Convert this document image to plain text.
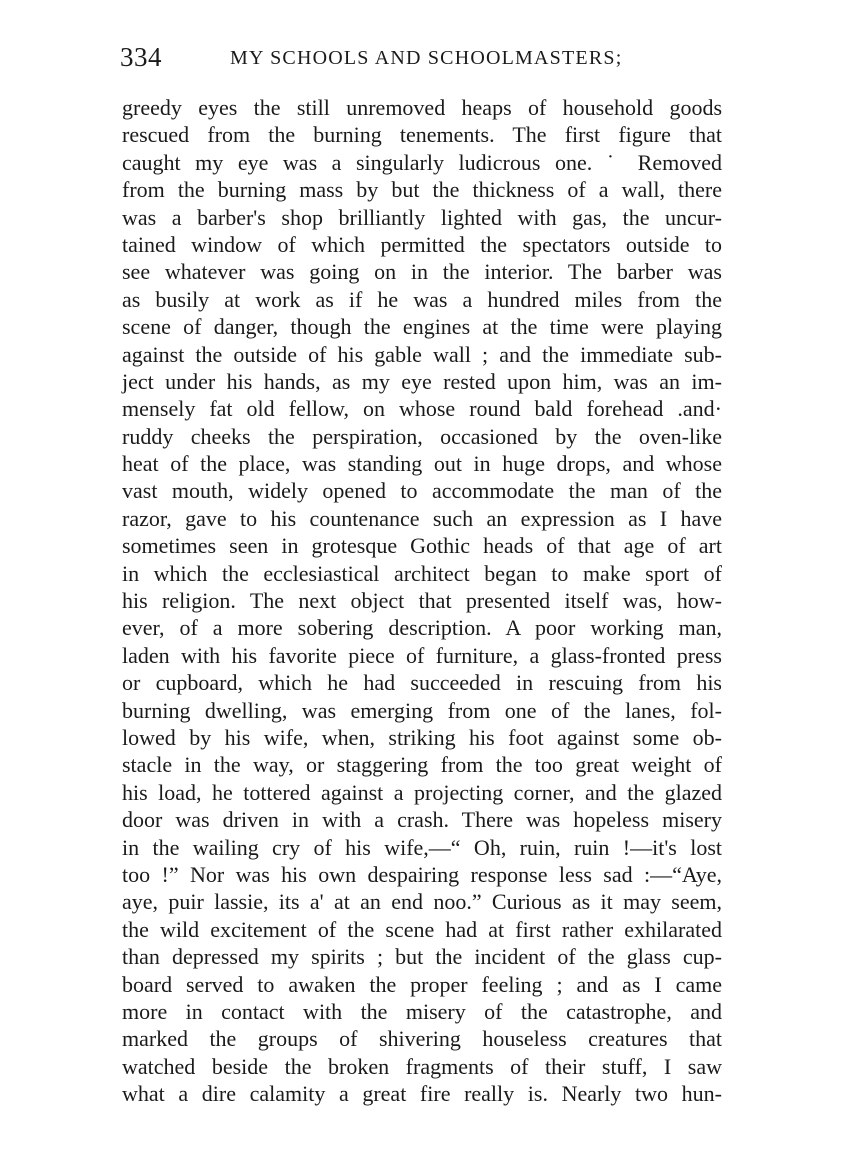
334	MY SCHOOLS AND SCHOOLMASTERS;
greedy eyes the still unremoved heaps of household goods
rescued from the burning tenements. The first figure that
caught my eye was a singularly ludicrous one. ˙ Removed
from the burning mass by but the thickness of a wall, there
was a barber's shop brilliantly lighted with gas, the uncur-
tained window of which permitted the spectators outside to
see whatever was going on in the interior. The barber was
as busily at work as if he was a hundred miles from the
scene of danger, though the engines at the time were playing
against the outside of his gable wall ; and the immediate sub-
ject under his hands, as my eye rested upon him, was an im-
mensely fat old fellow, on whose round bald forehead .and·
ruddy cheeks the perspiration, occasioned by the oven-like
heat of the place, was standing out in huge drops, and whose
vast mouth, widely opened to accommodate the man of the
razor, gave to his countenance such an expression as I have
sometimes seen in grotesque Gothic heads of that age of art
in which the ecclesiastical architect began to make sport of
his religion. The next object that presented itself was, how-
ever, of a more sobering description. A poor working man,
laden with his favorite piece of furniture, a glass-fronted press
or cupboard, which he had succeeded in rescuing from his
burning dwelling, was emerging from one of the lanes, fol-
lowed by his wife, when, striking his foot against some ob-
stacle in the way, or staggering from the too great weight of
his load, he tottered against a projecting corner, and the glazed
door was driven in with a crash. There was hopeless misery
in the wailing cry of his wife,—“ Oh, ruin, ruin !—it's lost
too !” Nor was his own despairing response less sad :—“Aye,
aye, puir lassie, its a' at an end noo.” Curious as it may seem,
the wild excitement of the scene had at first rather exhilarated
than depressed my spirits ; but the incident of the glass cup-
board served to awaken the proper feeling ; and as I came
more in contact with the misery of the catastrophe, and
marked the groups of shivering houseless creatures that
watched beside the broken fragments of their stuff, I saw
what a dire calamity a great fire really is. Nearly two hun-
